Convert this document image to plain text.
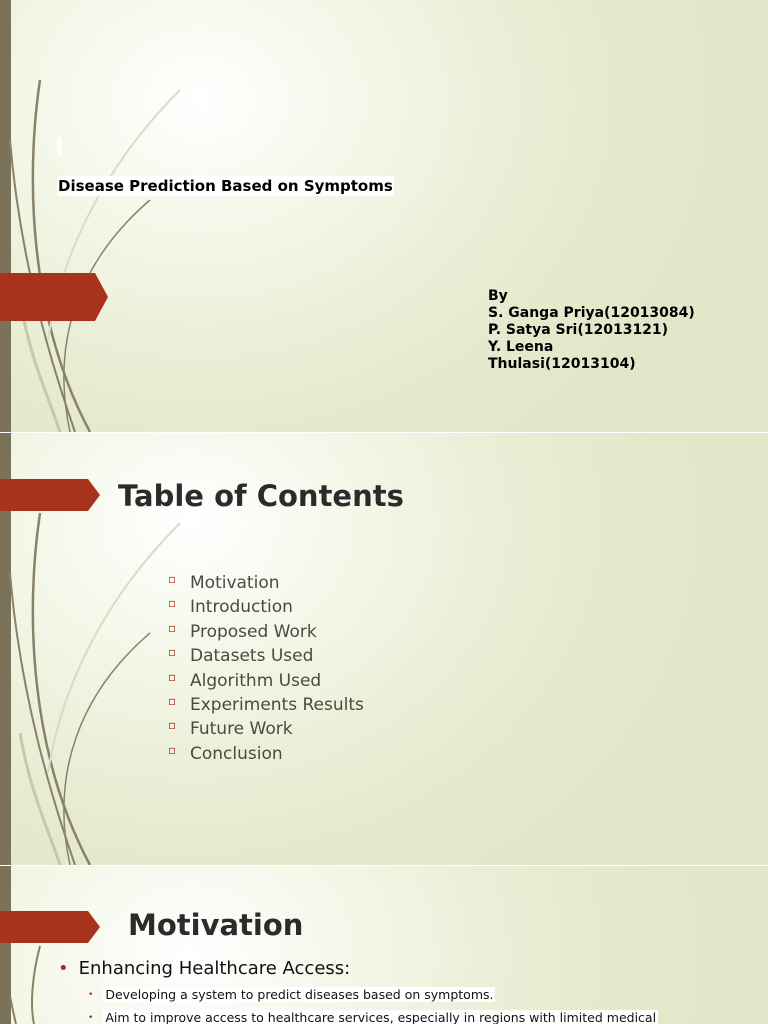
Disease Prediction Based on Symptoms
By
S. Ganga Priya(12013084)
P. Satya Sri(12013121)
Y. Leena
Thulasi(12013104)
Table of Contents
▫ Motivation
▫ Introduction
▫ Proposed Work
▫ Datasets Used
▫ Algorithm Used
▫ Experiments Results
▫ Future Work
▫ Conclusion
Motivation
• Enhancing Healthcare Access:
• Developing a system to predict diseases based on symptoms.
• Aim to improve access to healthcare services, especially in regions with limited medical
